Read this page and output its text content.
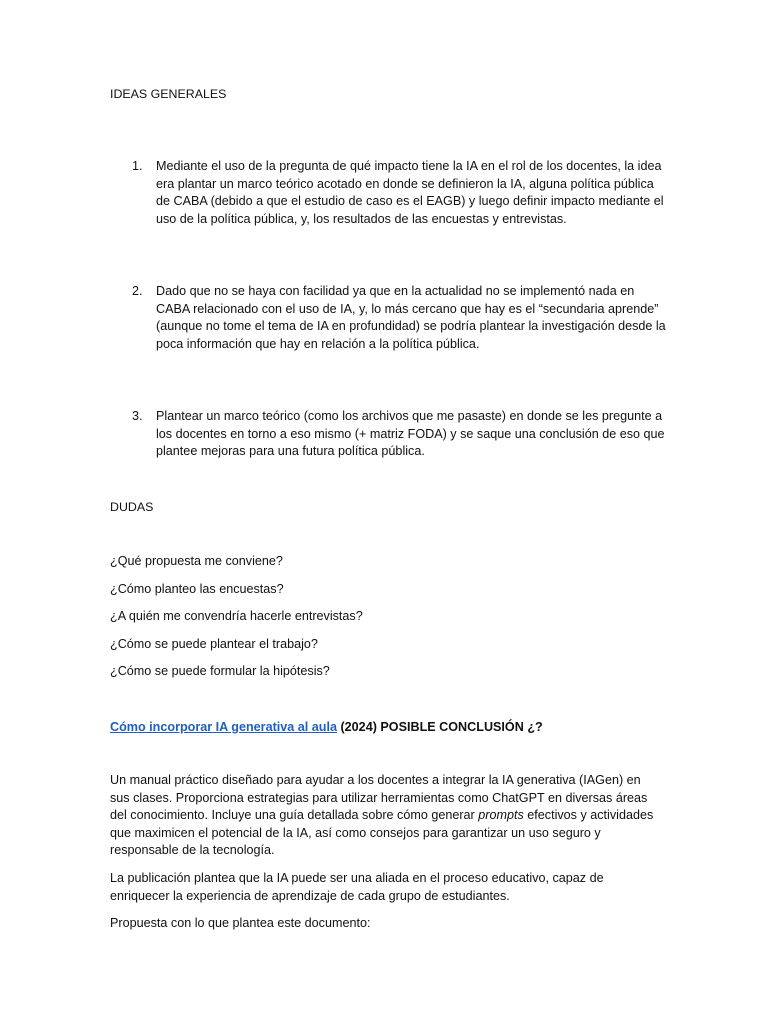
IDEAS GENERALES
1.	Mediante el uso de la pregunta de qué impacto tiene la IA en el rol de los docentes, la idea era plantar un marco teórico acotado en donde se definieron la IA, alguna política pública de CABA (debido a que el estudio de caso es el EAGB) y luego definir impacto mediante el uso de la política pública, y, los resultados de las encuestas y entrevistas.
2.	Dado que no se haya con facilidad ya que en la actualidad no se implementó nada en CABA relacionado con el uso de IA, y, lo más cercano que hay es el “secundaria aprende” (aunque no tome el tema de IA en profundidad) se podría plantear la investigación desde la poca información que hay en relación a la política pública.
3.	Plantear un marco teórico (como los archivos que me pasaste) en donde se les pregunte a los docentes en torno a eso mismo (+ matriz FODA) y se saque una conclusión de eso que plantee mejoras para una futura política pública.
DUDAS
¿Qué propuesta me conviene?
¿Cómo planteo las encuestas?
¿A quién me convendría hacerle entrevistas?
¿Cómo se puede plantear el trabajo?
¿Cómo se puede formular la hipótesis?
Cómo incorporar IA generativa al aula (2024) POSIBLE CONCLUSIÓN ¿?
Un manual práctico diseñado para ayudar a los docentes a integrar la IA generativa (IAGen) en sus clases. Proporciona estrategias para utilizar herramientas como ChatGPT en diversas áreas del conocimiento. Incluye una guía detallada sobre cómo generar prompts efectivos y actividades que maximicen el potencial de la IA, así como consejos para garantizar un uso seguro y responsable de la tecnología.
La publicación plantea que la IA puede ser una aliada en el proceso educativo, capaz de enriquecer la experiencia de aprendizaje de cada grupo de estudiantes.
Propuesta con lo que plantea este documento:
